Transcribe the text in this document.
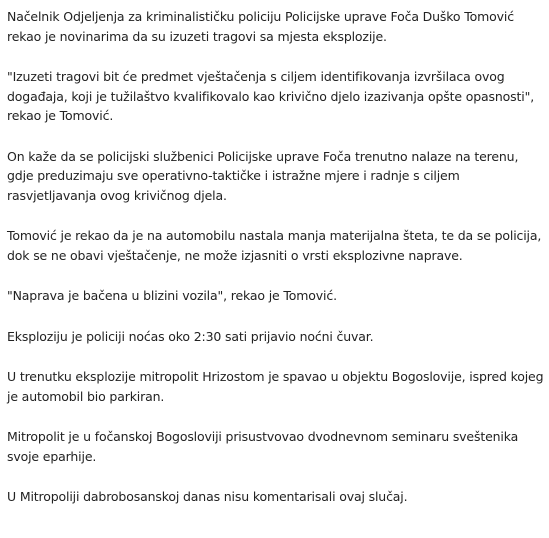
Načelnik Odjeljenja za kriminalističku policiju Policijske uprave Foča Duško Tomović rekao je novinarima da su izuzeti tragovi sa mjesta eksplozije.

"Izuzeti tragovi bit će predmet vještačenja s ciljem identifikovanja izvršilaca ovog događaja, koji je tužilaštvo kvalifikovalo kao krivično djelo izazivanja opšte opasnosti", rekao je Tomović.

On kaže da se policijski službenici Policijske uprave Foča trenutno nalaze na terenu, gdje preduzimaju sve operativno-taktičke i istražne mjere i radnje s ciljem rasvjetljavanja ovog krivičnog djela.

Tomović je rekao da je na automobilu nastala manja materijalna šteta, te da se policija, dok se ne obavi vještačenje, ne može izjasniti o vrsti eksplozivne naprave.

"Naprava je bačena u blizini vozila", rekao je Tomović.

Eksploziju je policiji noćas oko 2:30 sati prijavio noćni čuvar.

U trenutku eksplozije mitropolit Hrizostom je spavao u objektu Bogoslovije, ispred kojeg je automobil bio parkiran.

Mitropolit je u fočanskoj Bogosloviji prisustvovao dvodnevnom seminaru sveštenika svoje eparhije.

U Mitropoliji dabrobosanskoj danas nisu komentarisali ovaj slučaj.
